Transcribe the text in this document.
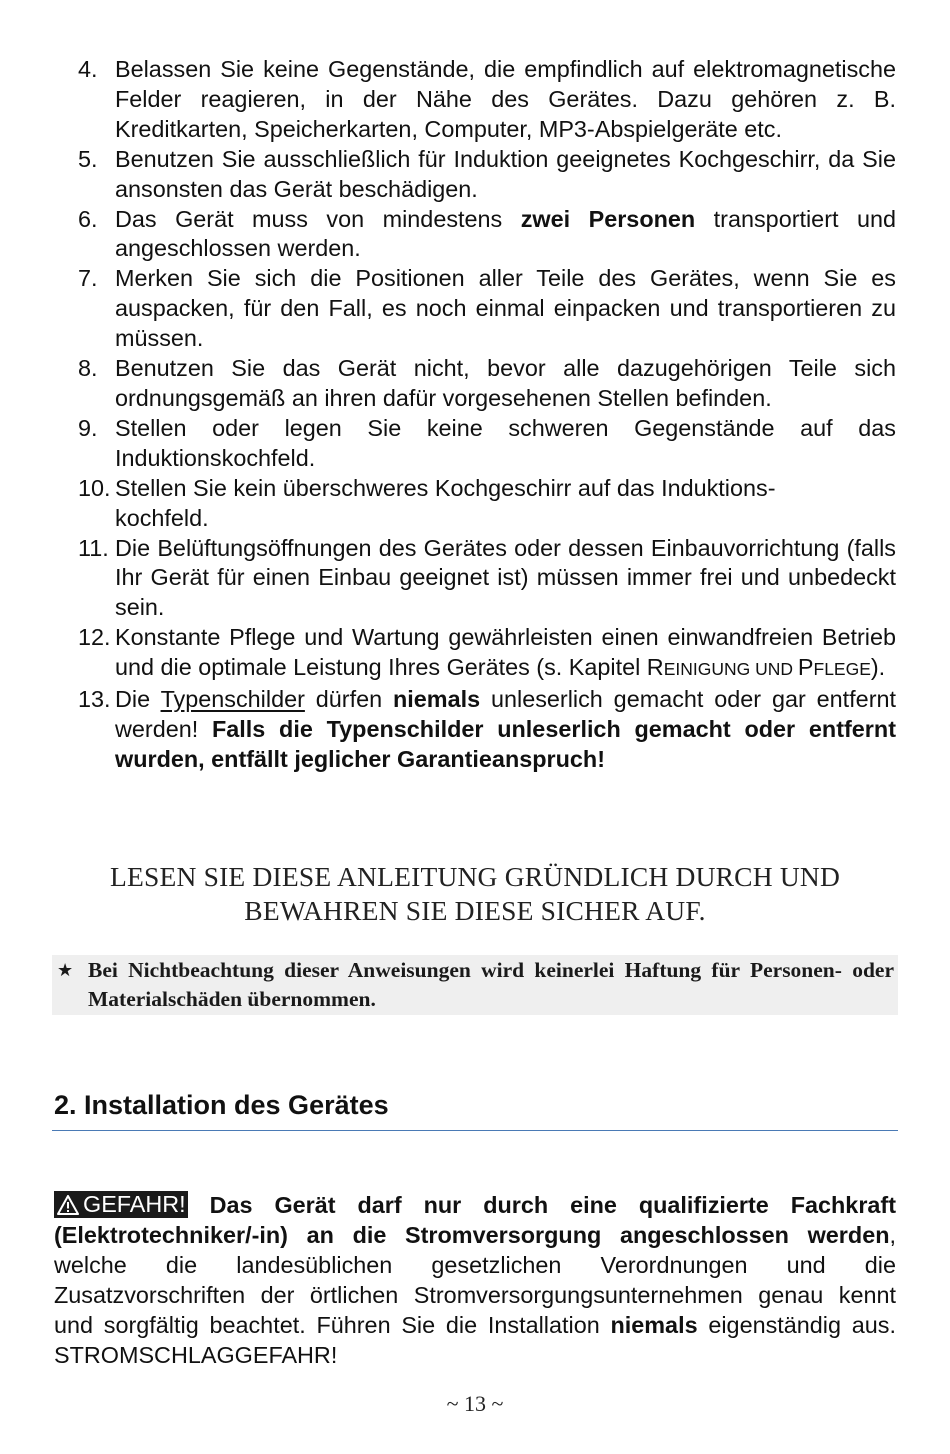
4. Belassen Sie keine Gegenstände, die empfindlich auf elektromagnetische Felder reagieren, in der Nähe des Gerätes. Dazu gehören z. B. Kreditkarten, Speicherkarten, Computer, MP3-Abspielgeräte etc.
5. Benutzen Sie ausschließlich für Induktion geeignetes Kochgeschirr, da Sie ansonsten das Gerät beschädigen.
6. Das Gerät muss von mindestens zwei Personen transportiert und angeschlossen werden.
7. Merken Sie sich die Positionen aller Teile des Gerätes, wenn Sie es auspacken, für den Fall, es noch einmal einpacken und transportieren zu müssen.
8. Benutzen Sie das Gerät nicht, bevor alle dazugehörigen Teile sich ordnungsgemäß an ihren dafür vorgesehenen Stellen befinden.
9. Stellen oder legen Sie keine schweren Gegenstände auf das Induktionskochfeld.
10. Stellen Sie kein überschweres Kochgeschirr auf das Induktions-
kochfeld.
11. Die Belüftungsöffnungen des Gerätes oder dessen Einbauvorrichtung (falls Ihr Gerät für einen Einbau geeignet ist) müssen immer frei und unbedeckt sein.
12. Konstante Pflege und Wartung gewährleisten einen einwandfreien Betrieb und die optimale Leistung Ihres Gerätes (s. Kapitel REINIGUNG UND PFLEGE).
13. Die Typenschilder dürfen niemals unleserlich gemacht oder gar entfernt werden! Falls die Typenschilder unleserlich gemacht oder entfernt wurden, entfällt jeglicher Garantieanspruch!
LESEN SIE DIESE ANLEITUNG GRÜNDLICH DURCH UND
BEWAHREN SIE DIESE SICHER AUF.
★ Bei Nichtbeachtung dieser Anweisungen wird keinerlei Haftung für Personen- oder Materialschäden übernommen.
2. Installation des Gerätes

GEFAHR! Das Gerät darf nur durch eine qualifizierte Fachkraft (Elektrotechniker/-in) an die Stromversorgung angeschlossen werden, welche die landesüblichen gesetzlichen Verordnungen und die Zusatzvorschriften der örtlichen Stromversorgungsunternehmen genau kennt und sorgfältig beachtet. Führen Sie die Installation niemals eigenständig aus. STROMSCHLAGGEFAHR!

~ 13 ~
